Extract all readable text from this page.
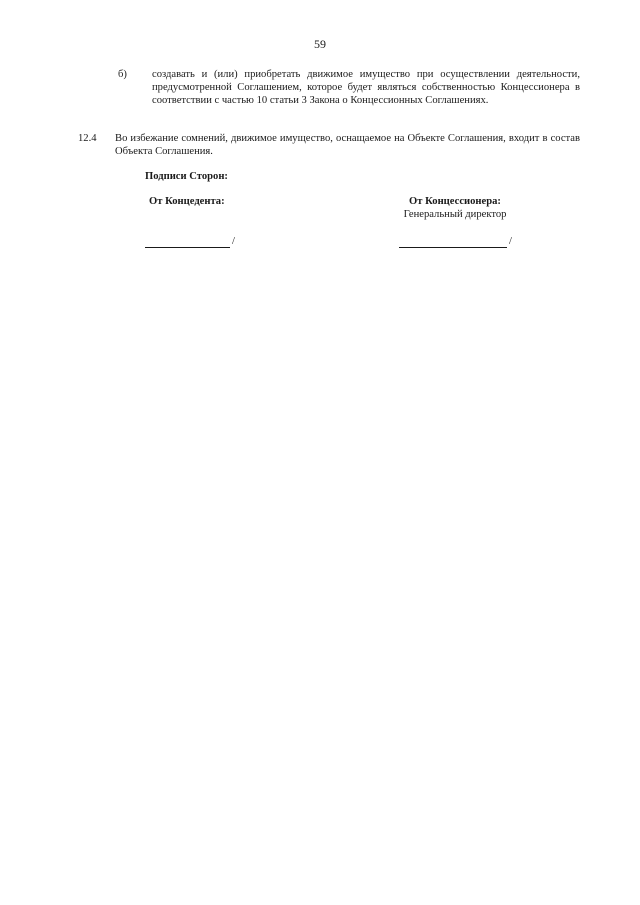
59
б) создавать и (или) приобретать движимое имущество при осуществлении деятельности, предусмотренной Соглашением, которое будет являться собственностью Концессионера в соответствии с частью 10 статьи 3 Закона о Концессионных Соглашениях.
12.4 Во избежание сомнений, движимое имущество, оснащаемое на Объекте Соглашения, входит в состав Объекта Соглашения.
Подписи Сторон:
От Концедента:	От Концессионера:
Генеральный директор
/	/
